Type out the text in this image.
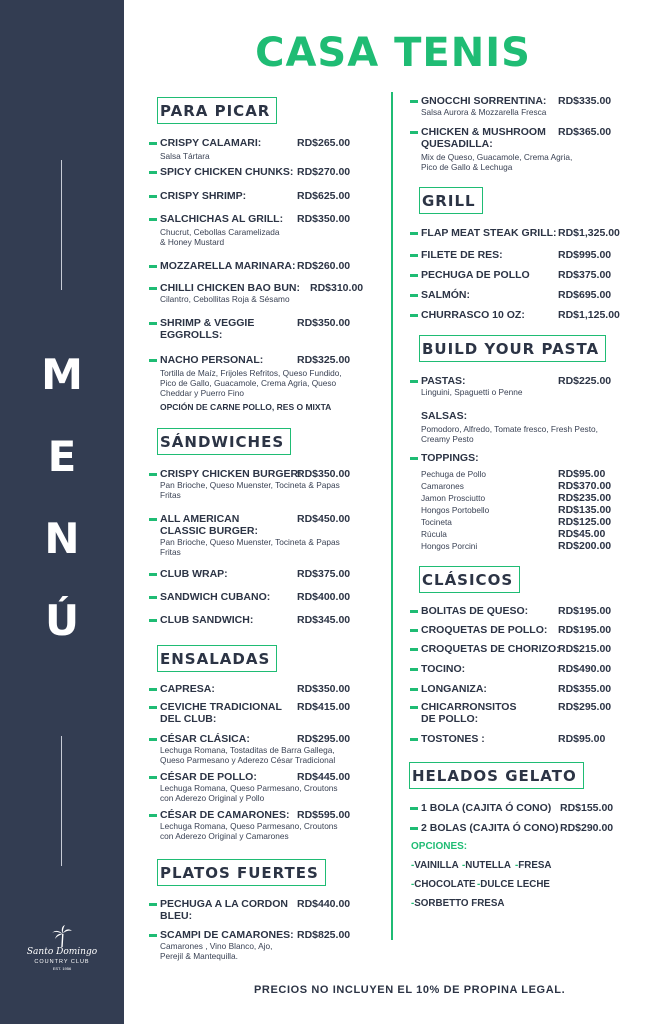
M
E
N
Ú
Santo Domingo
COUNTRY CLUB
EST. 1956
CASA TENIS
PARA PICAR
CRISPY CALAMARI:
Salsa Tártara
RD$265.00
SPICY CHICKEN CHUNKS: RD$270.00
CRISPY SHRIMP:	RD$625.00
SALCHICHAS AL GRILL:
Chucrut, Cebollas Caramelizada
& Honey Mustard
RD$350.00
MOZZARELLA MARINARA: RD$260.00
CHILLI CHICKEN BAO BUN:
Cilantro, Cebollitas Roja & Sésamo
RD$310.00
SHRIMP & VEGGIE
EGGROLLS:
RD$350.00
NACHO PERSONAL:
Tortilla de Maíz, Frijoles Refritos, Queso Fundido,
Pico de Gallo, Guacamole, Crema Agria, Queso
Cheddar y Puerro Fino
RD$325.00
OPCIÓN DE CARNE POLLO, RES O MIXTA
SÁNDWICHES
CRISPY CHICKEN BURGER:
Pan Brioche, Queso Muenster, Tocineta & Papas
Fritas
RD$350.00
ALL AMERICAN
CLASSIC BURGER:
Pan Brioche, Queso Muenster, Tocineta & Papas
Fritas
RD$450.00
CLUB WRAP:	RD$375.00
SANDWICH CUBANO:	RD$400.00
CLUB SANDWICH:	RD$345.00
ENSALADAS
CAPRESA:	RD$350.00
CEVICHE TRADICIONAL
DEL CLUB:
RD$415.00
CÉSAR CLÁSICA:
Lechuga Romana, Tostaditas de Barra Gallega,
Queso Parmesano y Aderezo César Tradicional
RD$295.00
CÉSAR DE POLLO:
Lechuga Romana, Queso Parmesano, Croutons
con Aderezo Original y Pollo
RD$445.00
CÉSAR DE CAMARONES:
Lechuga Romana, Queso Parmesano, Croutons
con Aderezo Original y Camarones
RD$595.00
PLATOS FUERTES
PECHUGA A LA CORDON
BLEU:
RD$440.00
SCAMPI DE CAMARONES:
Camarones , Vino Blanco, Ajo,
Perejil & Mantequilla.
RD$825.00
GNOCCHI SORRENTINA:
Salsa Aurora & Mozzarella Fresca
RD$335.00
CHICKEN & MUSHROOM
QUESADILLA:
Mix de Queso, Guacamole, Crema Agria,
Pico de Gallo & Lechuga
RD$365.00
GRILL
FLAP MEAT STEAK GRILL: RD$1,325.00
FILETE DE RES:	RD$995.00
PECHUGA DE POLLO	RD$375.00
SALMÓN:	RD$695.00
CHURRASCO 10 OZ:	RD$1,125.00
BUILD YOUR PASTA
PASTAS:
Linguini, Spaguetti o Penne
RD$225.00
SALSAS:
Pomodoro, Alfredo, Tomate fresco, Fresh Pesto,
Creamy Pesto
TOPPINGS:
Pechuga de Pollo	RD$95.00
Camarones	RD$370.00
Jamon Prosciutto	RD$235.00
Hongos Portobello	RD$135.00
Tocineta	RD$125.00
Rúcula	RD$45.00
Hongos Porcini	RD$200.00
CLÁSICOS
BOLITAS DE QUESO:	RD$195.00
CROQUETAS DE POLLO: RD$195.00
CROQUETAS DE CHORIZO:
RD$215.00
TOCINO:	RD$490.00
LONGANIZA:	RD$355.00
CHICARRONSITOS
DE POLLO:
RD$295.00
TOSTONES :	RD$95.00
HELADOS GELATO
1 BOLA (CAJITA Ó CONO) RD$155.00
2 BOLAS (CAJITA Ó CONO) RD$290.00
OPCIONES:
-VAINILLA -NUTELLA -FRESA
-CHOCOLATE -DULCE LECHE
-SORBETTO FRESA
PRECIOS NO INCLUYEN EL 10% DE PROPINA LEGAL.
